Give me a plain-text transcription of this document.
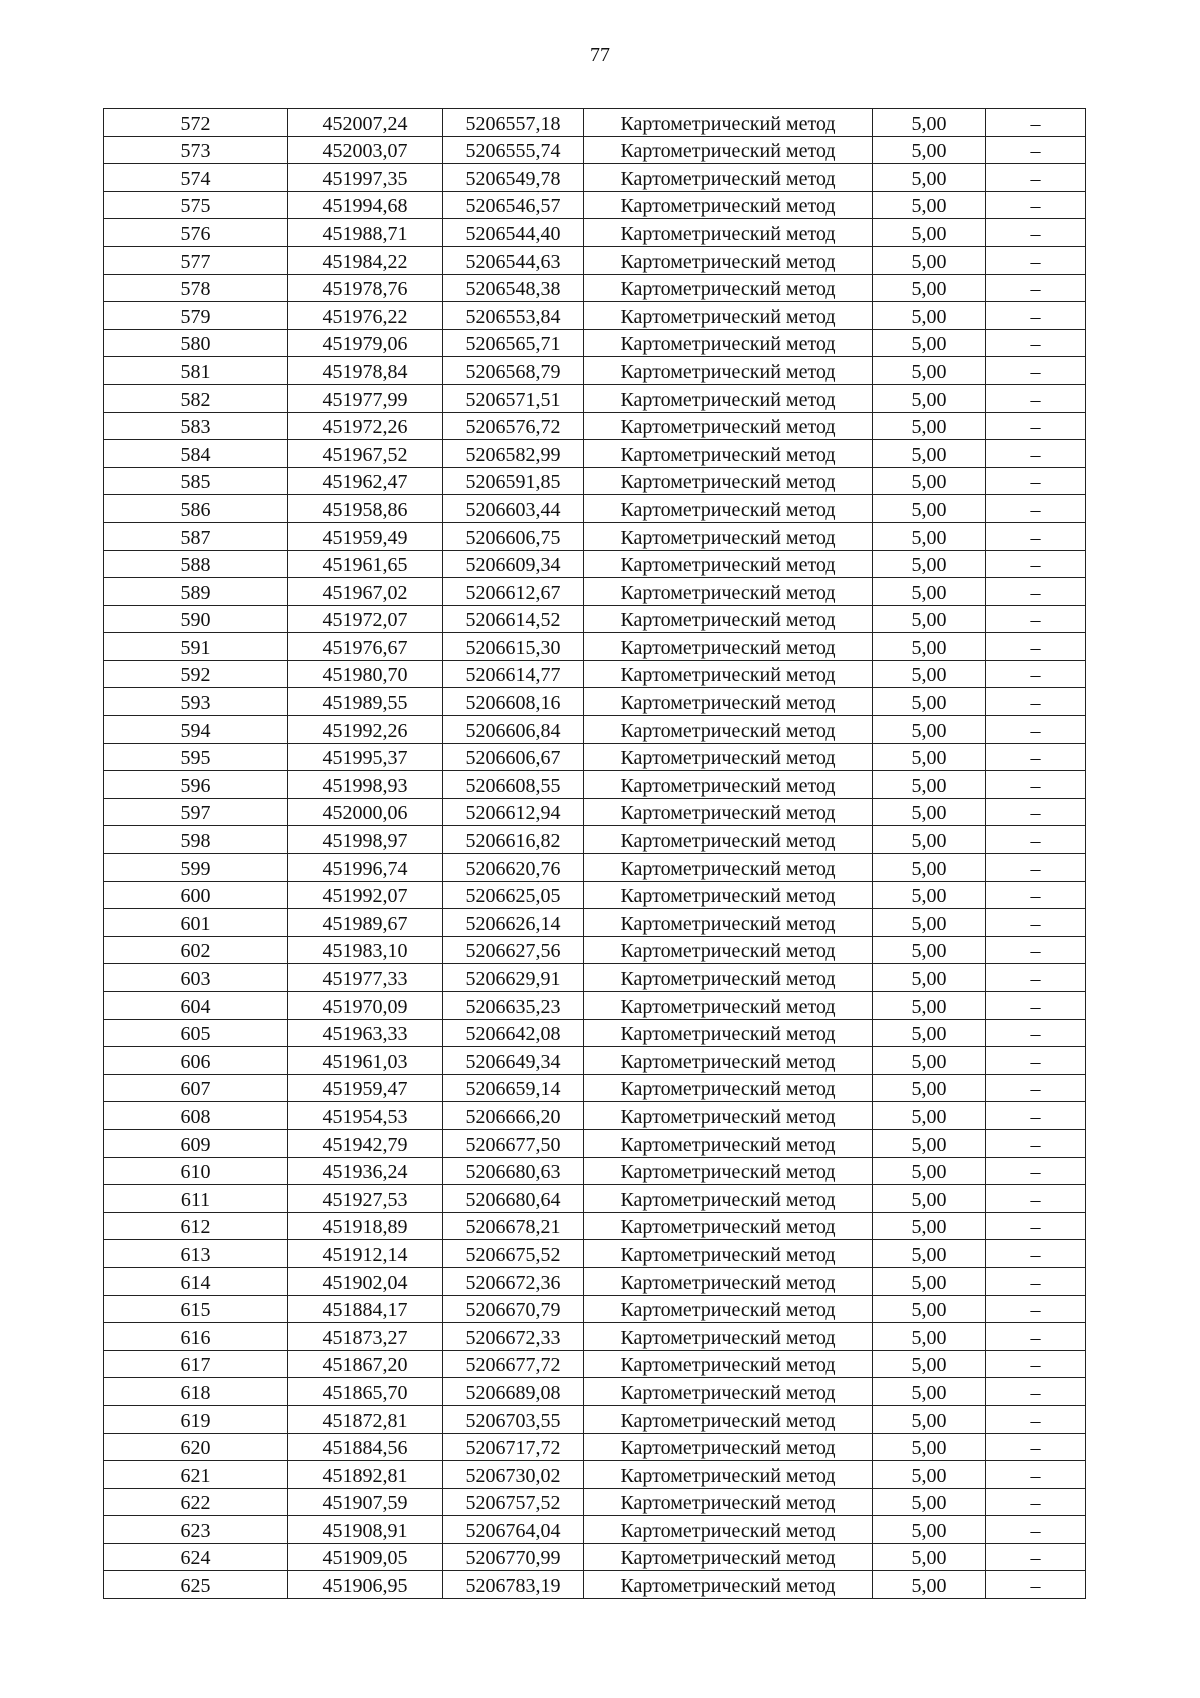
77
572	452007,24	5206557,18	Картометрический метод	5,00	–
573	452003,07	5206555,74	Картометрический метод	5,00	–
574	451997,35	5206549,78	Картометрический метод	5,00	–
575	451994,68	5206546,57	Картометрический метод	5,00	–
576	451988,71	5206544,40	Картометрический метод	5,00	–
577	451984,22	5206544,63	Картометрический метод	5,00	–
578	451978,76	5206548,38	Картометрический метод	5,00	–
579	451976,22	5206553,84	Картометрический метод	5,00	–
580	451979,06	5206565,71	Картометрический метод	5,00	–
581	451978,84	5206568,79	Картометрический метод	5,00	–
582	451977,99	5206571,51	Картометрический метод	5,00	–
583	451972,26	5206576,72	Картометрический метод	5,00	–
584	451967,52	5206582,99	Картометрический метод	5,00	–
585	451962,47	5206591,85	Картометрический метод	5,00	–
586	451958,86	5206603,44	Картометрический метод	5,00	–
587	451959,49	5206606,75	Картометрический метод	5,00	–
588	451961,65	5206609,34	Картометрический метод	5,00	–
589	451967,02	5206612,67	Картометрический метод	5,00	–
590	451972,07	5206614,52	Картометрический метод	5,00	–
591	451976,67	5206615,30	Картометрический метод	5,00	–
592	451980,70	5206614,77	Картометрический метод	5,00	–
593	451989,55	5206608,16	Картометрический метод	5,00	–
594	451992,26	5206606,84	Картометрический метод	5,00	–
595	451995,37	5206606,67	Картометрический метод	5,00	–
596	451998,93	5206608,55	Картометрический метод	5,00	–
597	452000,06	5206612,94	Картометрический метод	5,00	–
598	451998,97	5206616,82	Картометрический метод	5,00	–
599	451996,74	5206620,76	Картометрический метод	5,00	–
600	451992,07	5206625,05	Картометрический метод	5,00	–
601	451989,67	5206626,14	Картометрический метод	5,00	–
602	451983,10	5206627,56	Картометрический метод	5,00	–
603	451977,33	5206629,91	Картометрический метод	5,00	–
604	451970,09	5206635,23	Картометрический метод	5,00	–
605	451963,33	5206642,08	Картометрический метод	5,00	–
606	451961,03	5206649,34	Картометрический метод	5,00	–
607	451959,47	5206659,14	Картометрический метод	5,00	–
608	451954,53	5206666,20	Картометрический метод	5,00	–
609	451942,79	5206677,50	Картометрический метод	5,00	–
610	451936,24	5206680,63	Картометрический метод	5,00	–
611	451927,53	5206680,64	Картометрический метод	5,00	–
612	451918,89	5206678,21	Картометрический метод	5,00	–
613	451912,14	5206675,52	Картометрический метод	5,00	–
614	451902,04	5206672,36	Картометрический метод	5,00	–
615	451884,17	5206670,79	Картометрический метод	5,00	–
616	451873,27	5206672,33	Картометрический метод	5,00	–
617	451867,20	5206677,72	Картометрический метод	5,00	–
618	451865,70	5206689,08	Картометрический метод	5,00	–
619	451872,81	5206703,55	Картометрический метод	5,00	–
620	451884,56	5206717,72	Картометрический метод	5,00	–
621	451892,81	5206730,02	Картометрический метод	5,00	–
622	451907,59	5206757,52	Картометрический метод	5,00	–
623	451908,91	5206764,04	Картометрический метод	5,00	–
624	451909,05	5206770,99	Картометрический метод	5,00	–
625	451906,95	5206783,19	Картометрический метод	5,00	–
